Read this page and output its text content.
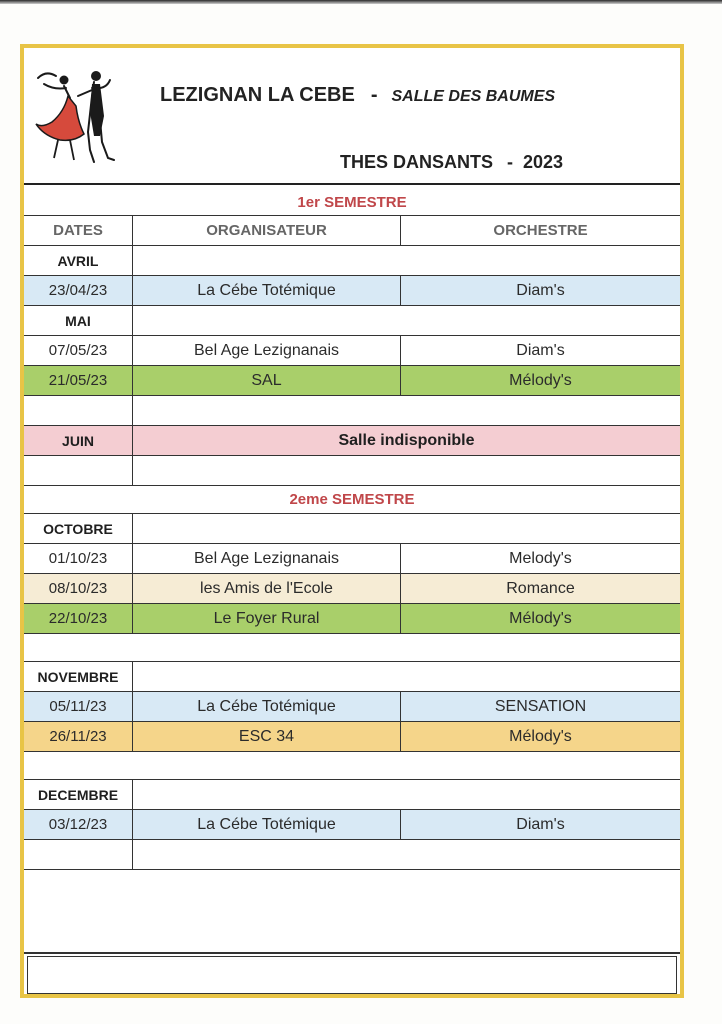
LEZIGNAN LA CEBE - SALLE DES BAUMES
THES DANSANTS - 2023
1er SEMESTRE
DATES	ORGANISATEUR	ORCHESTRE
AVRIL
23/04/23	La Cébe Totémique	Diam's
MAI
07/05/23	Bel Age Lezignanais	Diam's
21/05/23	SAL	Mélody's
JUIN	Salle indisponible
2eme SEMESTRE
OCTOBRE
01/10/23	Bel Age Lezignanais	Melody's
08/10/23	les Amis de l'Ecole	Romance
22/10/23	Le Foyer Rural	Mélody's
NOVEMBRE
05/11/23	La Cébe Totémique	SENSATION
26/11/23	ESC 34	Mélody's
DECEMBRE
03/12/23	La Cébe Totémique	Diam's
